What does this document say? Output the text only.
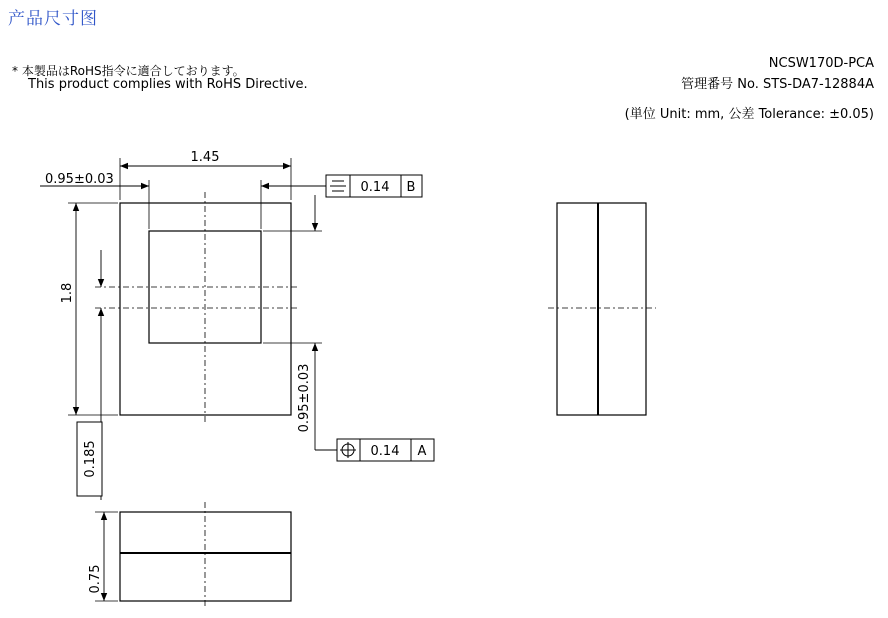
产品尺寸图
* 本製品はRoHS指令に適合しております。
This product complies with RoHS Directive.
NCSW170D-PCA
管理番号 No. STS-DA7-12884A
(単位 Unit: mm, 公差 Tolerance: ±0.05)
1.45
0.95±0.03
1.8
0.95±0.03
0.75
0.185
0.14 B
0.14 A
